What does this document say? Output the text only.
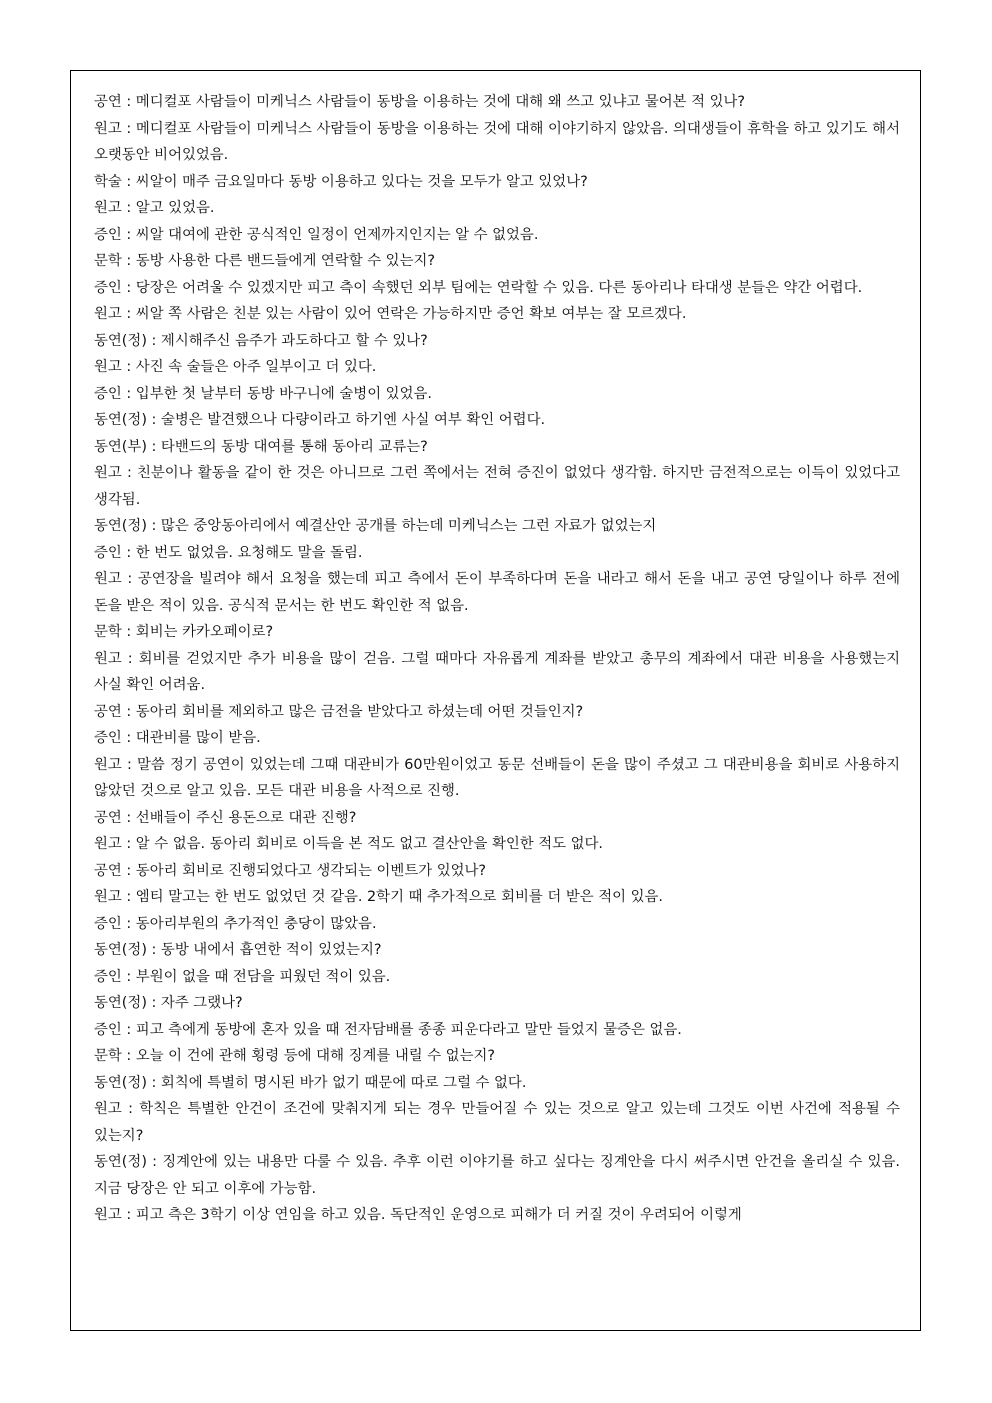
공연 : 메디컬포 사람들이 미케닉스 사람들이 동방을 이용하는 것에 대해 왜 쓰고 있냐고 물어본 적 있나?
원고 : 메디컬포 사람들이 미케닉스 사람들이 동방을 이용하는 것에 대해 이야기하지 않았음. 의대생들이 휴학을 하고 있기도 해서 오랫동안 비어있었음.
학술 : 씨알이 매주 금요일마다 동방 이용하고 있다는 것을 모두가 알고 있었나?
원고 : 알고 있었음.
증인 : 씨알 대여에 관한 공식적인 일정이 언제까지인지는 알 수 없었음.
문학 : 동방 사용한 다른 밴드들에게 연락할 수 있는지?
증인 : 당장은 어려울 수 있겠지만 피고 측이 속했던 외부 팀에는 연락할 수 있음. 다른 동아리나 타대생 분들은 약간 어렵다.
원고 : 씨알 쪽 사람은 친분 있는 사람이 있어 연락은 가능하지만 증언 확보 여부는 잘 모르겠다.
동연(정) : 제시해주신 음주가 과도하다고 할 수 있나?
원고 : 사진 속 술들은 아주 일부이고 더 있다.
증인 : 입부한 첫 날부터 동방 바구니에 술병이 있었음.
동연(정) : 술병은 발견했으나 다량이라고 하기엔 사실 여부 확인 어렵다.
동연(부) : 타밴드의 동방 대여를 통해 동아리 교류는?
원고 : 친분이나 활동을 같이 한 것은 아니므로 그런 쪽에서는 전혀 증진이 없었다 생각함. 하지만 금전적으로는 이득이 있었다고 생각됨.
동연(정) : 많은 중앙동아리에서 예결산안 공개를 하는데 미케닉스는 그런 자료가 없었는지
증인 : 한 번도 없었음. 요청해도 말을 돌림.
원고 : 공연장을 빌려야 해서 요청을 했는데 피고 측에서 돈이 부족하다며 돈을 내라고 해서 돈을 내고 공연 당일이나 하루 전에 돈을 받은 적이 있음. 공식적 문서는 한 번도 확인한 적 없음.
문학 : 회비는 카카오페이로?
원고 : 회비를 걷었지만 추가 비용을 많이 걷음. 그럴 때마다 자유롭게 계좌를 받았고 총무의 계좌에서 대관 비용을 사용했는지 사실 확인 어려움.
공연 : 동아리 회비를 제외하고 많은 금전을 받았다고 하셨는데 어떤 것들인지?
증인 : 대관비를 많이 받음.
원고 : 말씀 정기 공연이 있었는데 그때 대관비가 60만원이었고 동문 선배들이 돈을 많이 주셨고 그 대관비용을 회비로 사용하지 않았던 것으로 알고 있음. 모든 대관 비용을 사적으로 진행.
공연 : 선배들이 주신 용돈으로 대관 진행?
원고 : 알 수 없음. 동아리 회비로 이득을 본 적도 없고 결산안을 확인한 적도 없다.
공연 : 동아리 회비로 진행되었다고 생각되는 이벤트가 있었나?
원고 : 엠티 말고는 한 번도 없었던 것 같음. 2학기 때 추가적으로 회비를 더 받은 적이 있음.
증인 : 동아리부원의 추가적인 충당이 많았음.
동연(정) : 동방 내에서 흡연한 적이 있었는지?
증인 : 부원이 없을 때 전담을 피웠던 적이 있음.
동연(정) : 자주 그랬나?
증인 : 피고 측에게 동방에 혼자 있을 때 전자담배를 종종 피운다라고 말만 들었지 물증은 없음.
문학 : 오늘 이 건에 관해 횡령 등에 대해 징계를 내릴 수 없는지?
동연(정) : 회칙에 특별히 명시된 바가 없기 때문에 따로 그럴 수 없다.
원고 : 학칙은 특별한 안건이 조건에 맞춰지게 되는 경우 만들어질 수 있는 것으로 알고 있는데 그것도 이번 사건에 적용될 수 있는지?
동연(정) : 징계안에 있는 내용만 다룰 수 있음. 추후 이런 이야기를 하고 싶다는 징계안을 다시 써주시면 안건을 올리실 수 있음. 지금 당장은 안 되고 이후에 가능함.
원고 : 피고 측은 3학기 이상 연임을 하고 있음. 독단적인 운영으로 피해가 더 커질 것이 우려되어 이렇게
